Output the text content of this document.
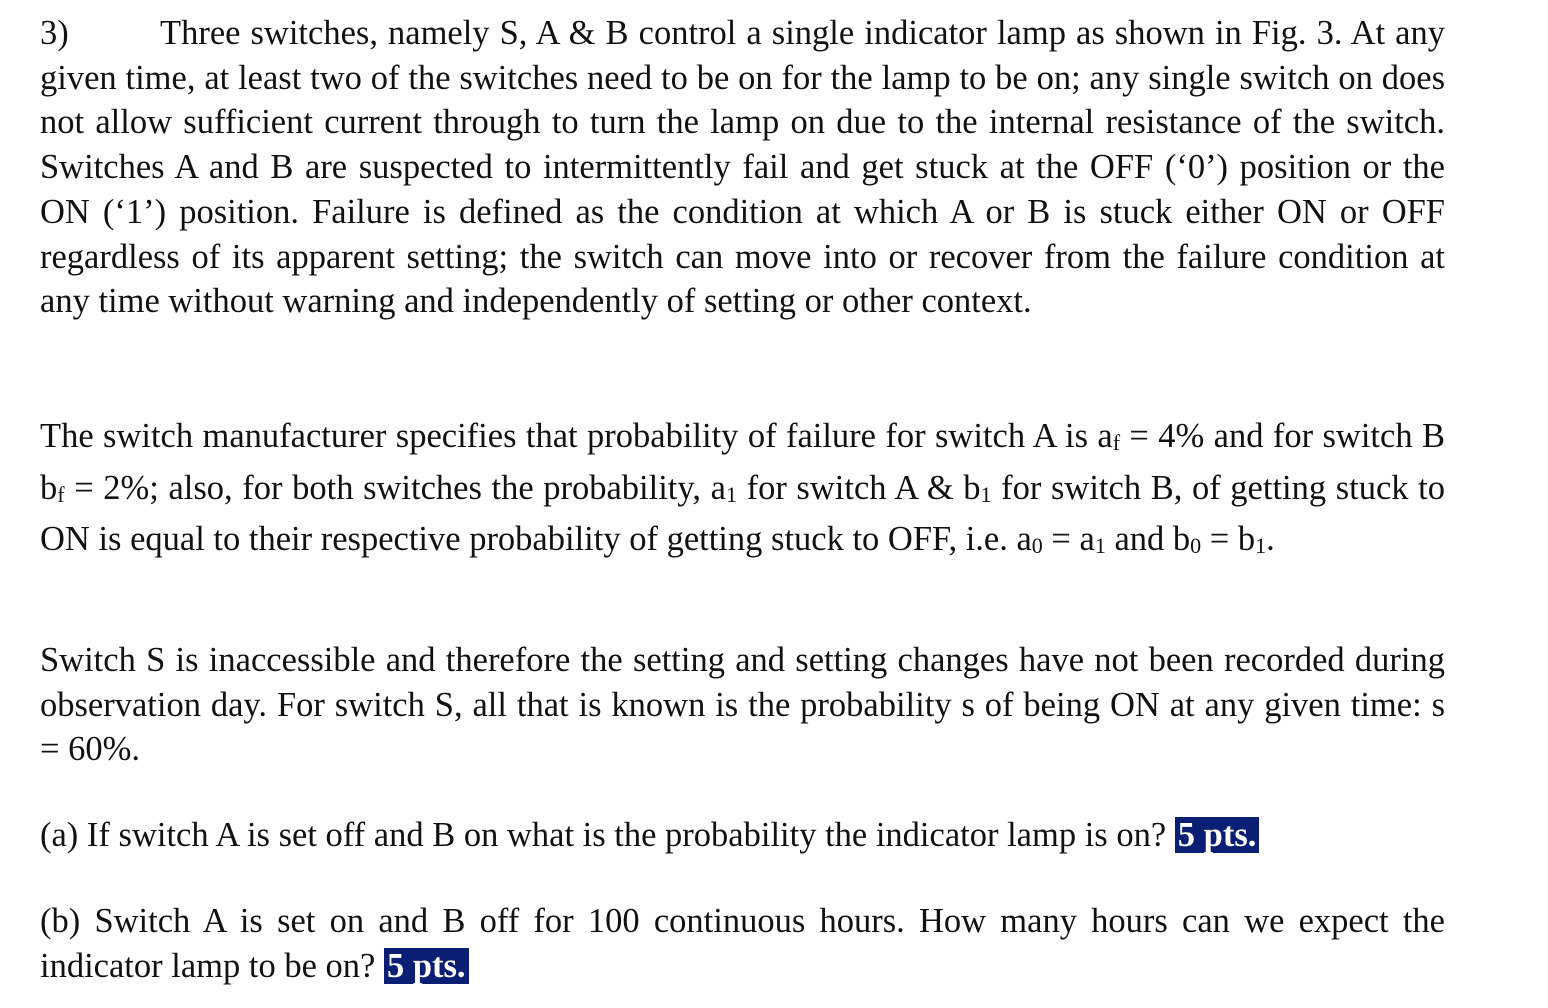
3)	Three switches, namely S, A & B control a single indicator lamp as shown in Fig. 3. At any given time, at least two of the switches need to be on for the lamp to be on; any single switch on does not allow sufficient current through to turn the lamp on due to the internal resistance of the switch. Switches A and B are suspected to intermittently fail and get stuck at the OFF (‘0’) position or the ON (‘1’) position. Failure is defined as the condition at which A or B is stuck either ON or OFF regardless of its apparent setting; the switch can move into or recover from the failure condition at any time without warning and independently of setting or other context.
The switch manufacturer specifies that probability of failure for switch A is af = 4% and for switch B bf = 2%; also, for both switches the probability, a1 for switch A & b1 for switch B, of getting stuck to ON is equal to their respective probability of getting stuck to OFF, i.e. a0 = a1 and b0 = b1.
Switch S is inaccessible and therefore the setting and setting changes have not been recorded during observation day. For switch S, all that is known is the probability s of being ON at any given time: s = 60%.
(a) If switch A is set off and B on what is the probability the indicator lamp is on? 5 pts.
(b) Switch A is set on and B off for 100 continuous hours. How many hours can we expect the indicator lamp to be on? 5 pts.
